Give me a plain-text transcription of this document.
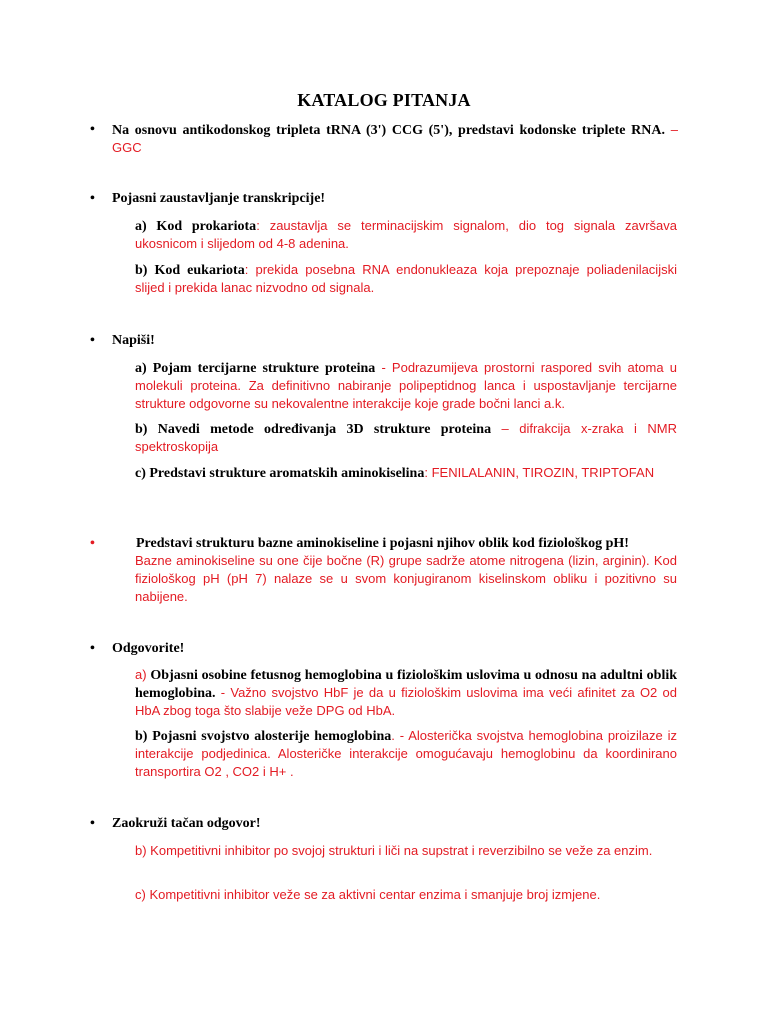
KATALOG PITANJA
• Na osnovu antikodonskog tripleta tRNA (3') CCG (5'), predstavi kodonske triplete RNA. – GGC
• Pojasni zaustavljanje transkripcije!
a) Kod prokariota: zaustavlja se terminacijskim signalom, dio tog signala završava ukosnicom i slijedom od 4-8 adenina.
b) Kod eukariota: prekida posebna RNA endonukleaza koja prepoznaje poliadenilacijski slijed i prekida lanac nizvodno od signala.
• Napiši!
a) Pojam tercijarne strukture proteina - Podrazumijeva prostorni raspored svih atoma u molekuli proteina. Za definitivno nabiranje polipeptidnog lanca i uspostavljanje tercijarne strukture odgovorne su nekovalentne interakcije koje grade bočni lanci a.k.
b) Navedi metode određivanja 3D strukture proteina – difrakcija x-zraka i NMR spektroskopija
c) Predstavi strukture aromatskih aminokiselina: FENILALANIN, TIROZIN, TRIPTOFAN
•	Predstavi strukturu bazne aminokiseline i pojasni njihov oblik kod fiziološkog pH!
Bazne aminokiseline su one čije bočne (R) grupe sadrže atome nitrogena (lizin, arginin). Kod fiziološkog pH (pH 7) nalaze se u svom konjugiranom kiselinskom obliku i pozitivno su nabijene.
• Odgovorite!
a) Objasni osobine fetusnog hemoglobina u fiziološkim uslovima u odnosu na adultni oblik hemoglobina. - Važno svojstvo HbF je da u fiziološkim uslovima ima veći afinitet za O2 od HbA zbog toga što slabije veže DPG od HbA.
b) Pojasni svojstvo alosterije hemoglobina. - Alosterička svojstva hemoglobina proizilaze iz interakcije podjedinica. Alosteričke interakcije omogućavaju hemoglobinu da koordinirano transportira O2 , CO2 i H+ .
• Zaokruži tačan odgovor!
b) Kompetitivni inhibitor po svojoj strukturi i liči na supstrat i reverzibilno se veže za enzim.
c) Kompetitivni inhibitor veže se za aktivni centar enzima i smanjuje broj izmjene.
